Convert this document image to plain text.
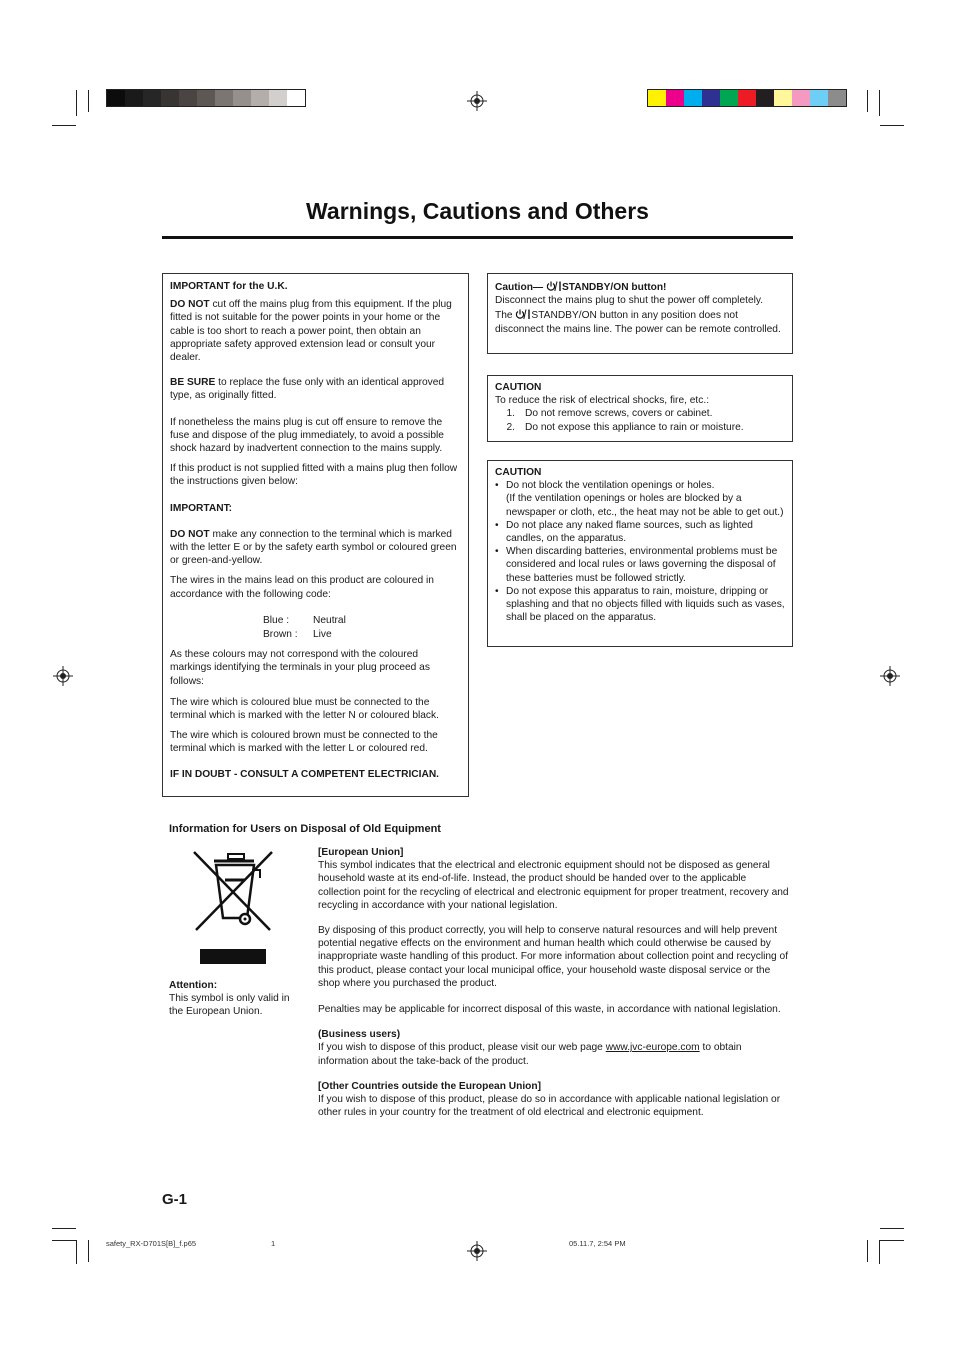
Warnings, Cautions and Others

IMPORTANT for the U.K.

DO NOT cut off the mains plug from this equipment. If the plug fitted is not suitable for the power points in your home or the cable is too short to reach a power point, then obtain an appropriate safety approved extension lead or consult your dealer.

BE SURE to replace the fuse only with an identical approved type, as originally fitted.

If nonetheless the mains plug is cut off ensure to remove the fuse and dispose of the plug immediately, to avoid a possible shock hazard by inadvertent connection to the mains supply.

If this product is not supplied fitted with a mains plug then follow the instructions given below:

IMPORTANT:

DO NOT make any connection to the terminal which is marked with the letter E or by the safety earth symbol or coloured green or green-and-yellow.

The wires in the mains lead on this product are coloured in accordance with the following code:

Blue :	Neutral
Brown :	Live

As these colours may not correspond with the coloured markings identifying the terminals in your plug proceed as follows:

The wire which is coloured blue must be connected to the terminal which is marked with the letter N or coloured black.

The wire which is coloured brown must be connected to the terminal which is marked with the letter L or coloured red.

IF IN DOUBT - CONSULT A COMPETENT ELECTRICIAN.

Caution— STANDBY/ON button!

Disconnect the mains plug to shut the power off completely.

The STANDBY/ON button in any position does not disconnect the mains line. The power can be remote controlled.

CAUTION

To reduce the risk of electrical shocks, fire, etc.:

1. Do not remove screws, covers or cabinet.
2. Do not expose this appliance to rain or moisture.

CAUTION

• Do not block the ventilation openings or holes.
(If the ventilation openings or holes are blocked by a newspaper or cloth, etc., the heat may not be able to get out.)
• Do not place any naked flame sources, such as lighted candles, on the apparatus.
• When discarding batteries, environmental problems must be considered and local rules or laws governing the disposal of these batteries must be followed strictly.
• Do not expose this apparatus to rain, moisture, dripping or splashing and that no objects filled with liquids such as vases, shall be placed on the apparatus.
Information for Users on Disposal of Old Equipment

Attention:

This symbol is only valid in the European Union.

[European Union]

This symbol indicates that the electrical and electronic equipment should not be disposed as general household waste at its end-of-life. Instead, the product should be handed over to the applicable collection point for the recycling of electrical and electronic equipment for proper treatment, recovery and recycling in accordance with your national legislation.

By disposing of this product correctly, you will help to conserve natural resources and will help prevent potential negative effects on the environment and human health which could otherwise be caused by inappropriate waste handling of this product. For more information about collection point and recycling of this product, please contact your local municipal office, your household waste disposal service or the shop where you purchased the product.

Penalties may be applicable for incorrect disposal of this waste, in accordance with national legislation.

(Business users)

If you wish to dispose of this product, please visit our web page www.jvc-europe.com to obtain information about the take-back of the product.

[Other Countries outside the European Union]

If you wish to dispose of this product, please do so in accordance with applicable national legislation or other rules in your country for the treatment of old electrical and electronic equipment.

G-1
safety_RX-D701S[B]_f.p65	1	05.11.7, 2:54 PM
